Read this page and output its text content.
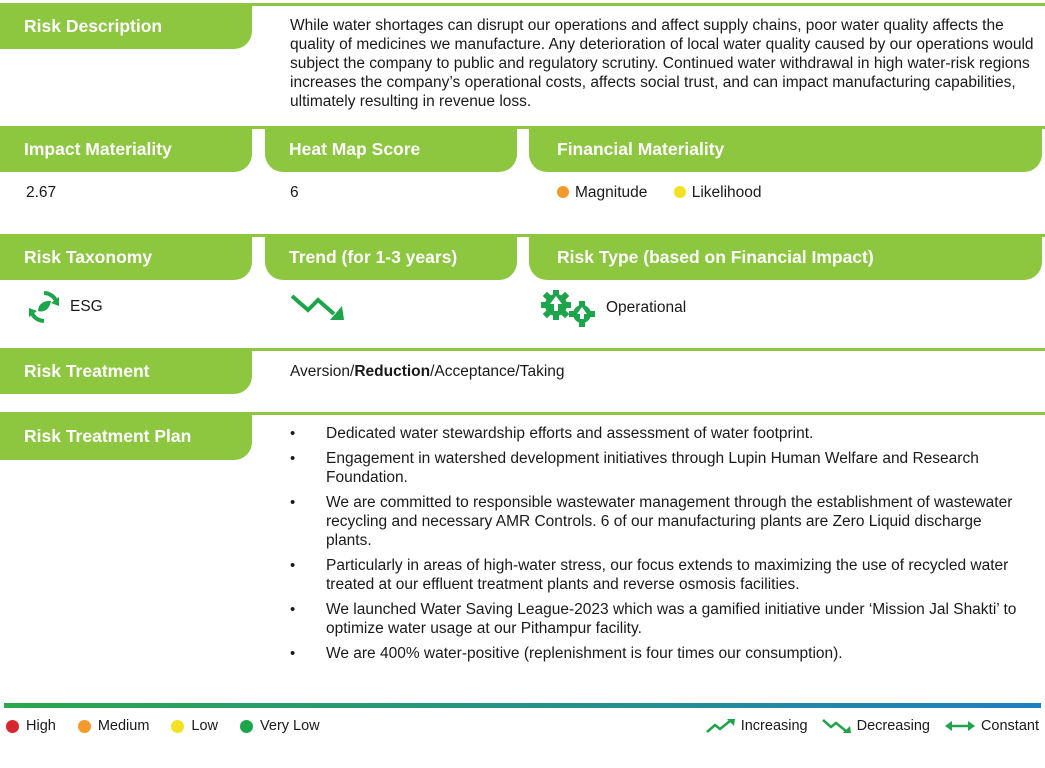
Risk Description	While water shortages can disrupt our operations and affect supply chains, poor water quality affects the quality of medicines we manufacture. Any deterioration of local water quality caused by our operations would subject the company to public and regulatory scrutiny. Continued water withdrawal in high water-risk regions increases the company’s operational costs, affects social trust, and can impact manufacturing capabilities, ultimately resulting in revenue loss.
Impact Materiality	Heat Map Score	Financial Materiality
2.67	6	Magnitude	Likelihood
Risk Taxonomy	Trend (for 1-3 years)	Risk Type (based on Financial Impact)
ESG	Operational
Risk Treatment	Aversion/Reduction/Acceptance/Taking
Risk Treatment Plan
•	Dedicated water stewardship efforts and assessment of water footprint.
• Engagement in watershed development initiatives through Lupin Human Welfare and Research Foundation.
• We are committed to responsible wastewater management through the establishment of wastewater recycling and necessary AMR Controls. 6 of our manufacturing plants are Zero Liquid discharge plants.
• Particularly in areas of high-water stress, our focus extends to maximizing the use of recycled water treated at our effluent treatment plants and reverse osmosis facilities.
• We launched Water Saving League-2023 which was a gamified initiative under ‘Mission Jal Shakti’ to optimize water usage at our Pithampur facility.
• We are 400% water-positive (replenishment is four times our consumption).
High	Medium	Low	Very Low	Increasing	Decreasing	Constant
